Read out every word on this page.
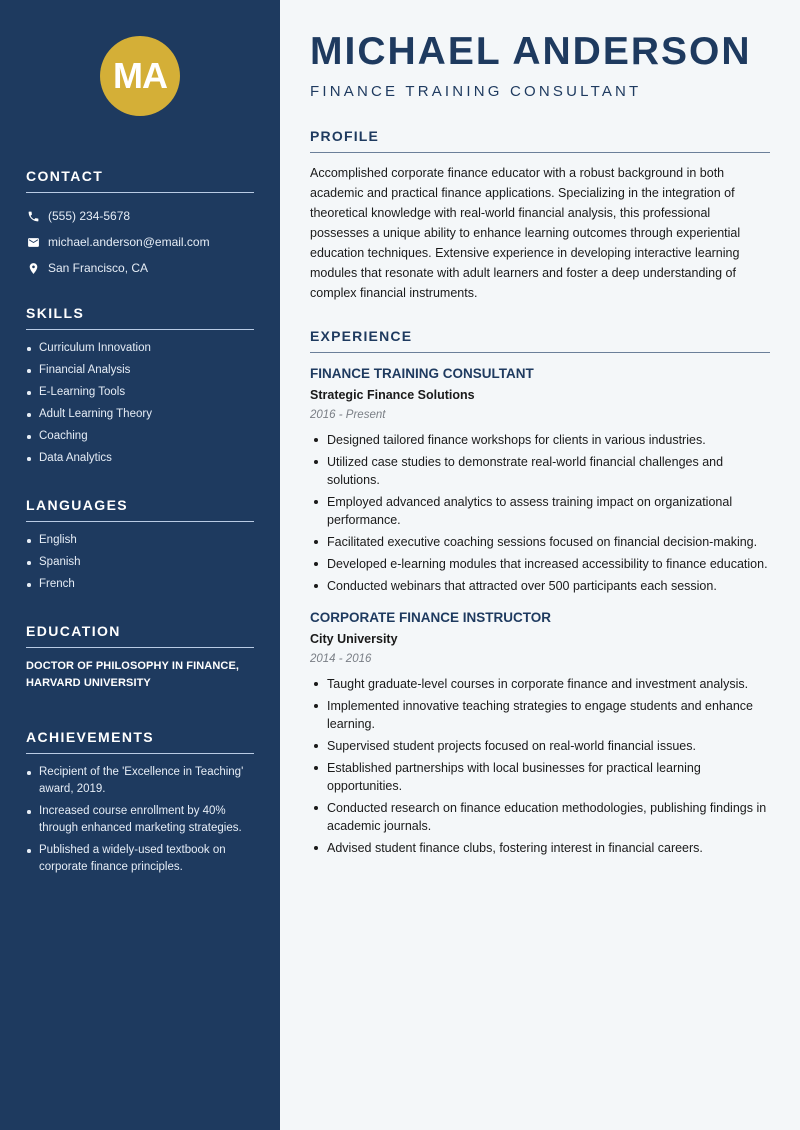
MA
CONTACT
(555) 234-5678
michael.anderson@email.com
San Francisco, CA
SKILLS
Curriculum Innovation
Financial Analysis
E-Learning Tools
Adult Learning Theory
Coaching
Data Analytics
LANGUAGES
English
Spanish
French
EDUCATION
DOCTOR OF PHILOSOPHY IN FINANCE, HARVARD UNIVERSITY
ACHIEVEMENTS
Recipient of the 'Excellence in Teaching' award, 2019.
Increased course enrollment by 40% through enhanced marketing strategies.
Published a widely-used textbook on corporate finance principles.
MICHAEL ANDERSON
FINANCE TRAINING CONSULTANT
PROFILE

Accomplished corporate finance educator with a robust background in both academic and practical finance applications. Specializing in the integration of theoretical knowledge with real-world financial analysis, this professional possesses a unique ability to enhance learning outcomes through experiential education techniques. Extensive experience in developing interactive learning modules that resonate with adult learners and foster a deep understanding of complex financial instruments.

EXPERIENCE
FINANCE TRAINING CONSULTANT
Strategic Finance Solutions
2016 - Present
Designed tailored finance workshops for clients in various industries.
Utilized case studies to demonstrate real-world financial challenges and solutions.
Employed advanced analytics to assess training impact on organizational performance.
Facilitated executive coaching sessions focused on financial decision-making.
Developed e-learning modules that increased accessibility to finance education.
Conducted webinars that attracted over 500 participants each session.
CORPORATE FINANCE INSTRUCTOR
City University
2014 - 2016
Taught graduate-level courses in corporate finance and investment analysis.
Implemented innovative teaching strategies to engage students and enhance learning.
Supervised student projects focused on real-world financial issues.
Established partnerships with local businesses for practical learning opportunities.
Conducted research on finance education methodologies, publishing findings in academic journals.
Advised student finance clubs, fostering interest in financial careers.
